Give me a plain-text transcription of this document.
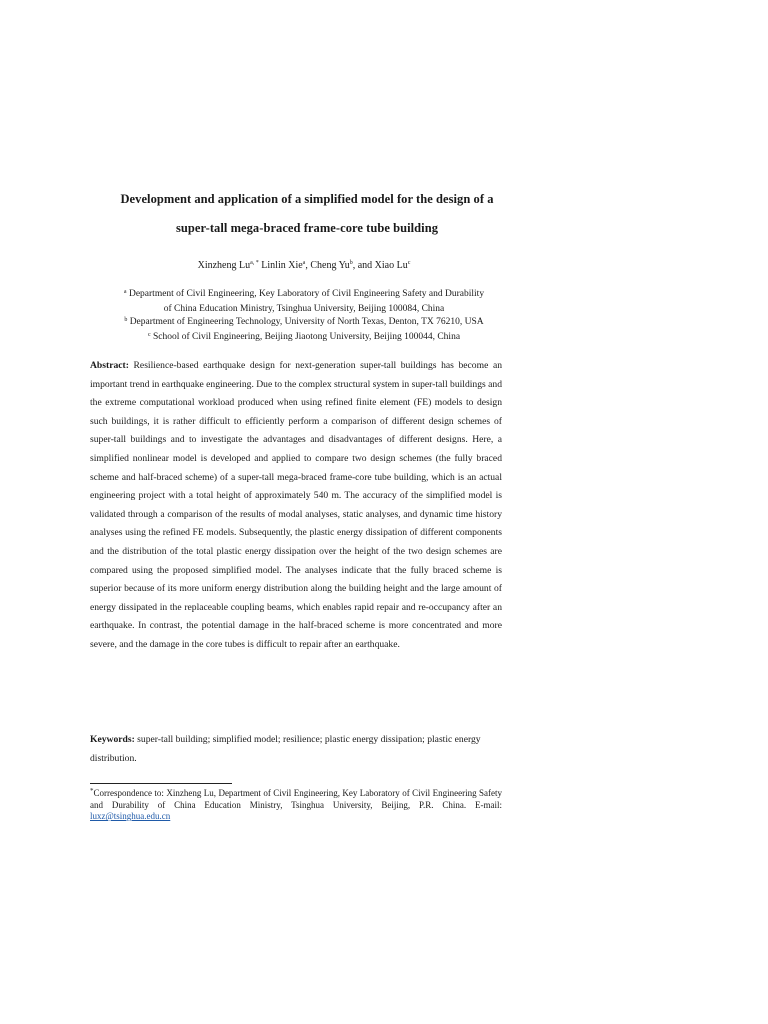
Development and application of a simplified model for the design of a
super-tall mega-braced frame-core tube building
Xinzheng $Lu^{a, *}$ Linlin Xie$^a$, Cheng Yu$^b$, and Xiao Lu$^c$
$^a$ Department of Civil Engineering, Key Laboratory of Civil Engineering Safety and Durability
of China Education Ministry, Tsinghua University, Beijing 100084, China
$^b$ Department of Engineering Technology, University of North Texas, Denton, TX 76210, USA
$^c$ School of Civil Engineering, Beijing Jiaotong University, Beijing 100044, China
Abstract: Resilience-based earthquake design for next-generation super-tall buildings has become an important trend in earthquake engineering. Due to the complex structural system in super-tall buildings and the extreme computational workload produced when using refined finite element (FE) models to design such buildings, it is rather difficult to efficiently perform a comparison of different design schemes of super-tall buildings and to investigate the advantages and disadvantages of different designs. Here, a simplified nonlinear model is developed and applied to compare two design schemes (the fully braced scheme and half-braced scheme) of a super-tall mega-braced frame-core tube building, which is an actual engineering project with a total height of approximately 540 m. The accuracy of the simplified model is validated through a comparison of the results of modal analyses, static analyses, and dynamic time history analyses using the refined FE models. Subsequently, the plastic energy dissipation of different components and the distribution of the total plastic energy dissipation over the height of the two design schemes are compared using the proposed simplified model. The analyses indicate that the fully braced scheme is superior because of its more uniform energy distribution along the building height and the large amount of energy dissipated in the replaceable coupling beams, which enables rapid repair and re-occupancy after an earthquake. In contrast, the potential damage in the half-braced scheme is more concentrated and more severe, and the damage in the core tubes is difficult to repair after an earthquake.
Keywords: super-tall building; simplified model; resilience; plastic energy dissipation; plastic energy distribution.
*Correspondence to: Xinzheng Lu, Department of Civil Engineering, Key Laboratory of Civil Engineering Safety and Durability of China Education Ministry, Tsinghua University, Beijing, P.R. China. E-mail: luxz@tsinghua.edu.cn
